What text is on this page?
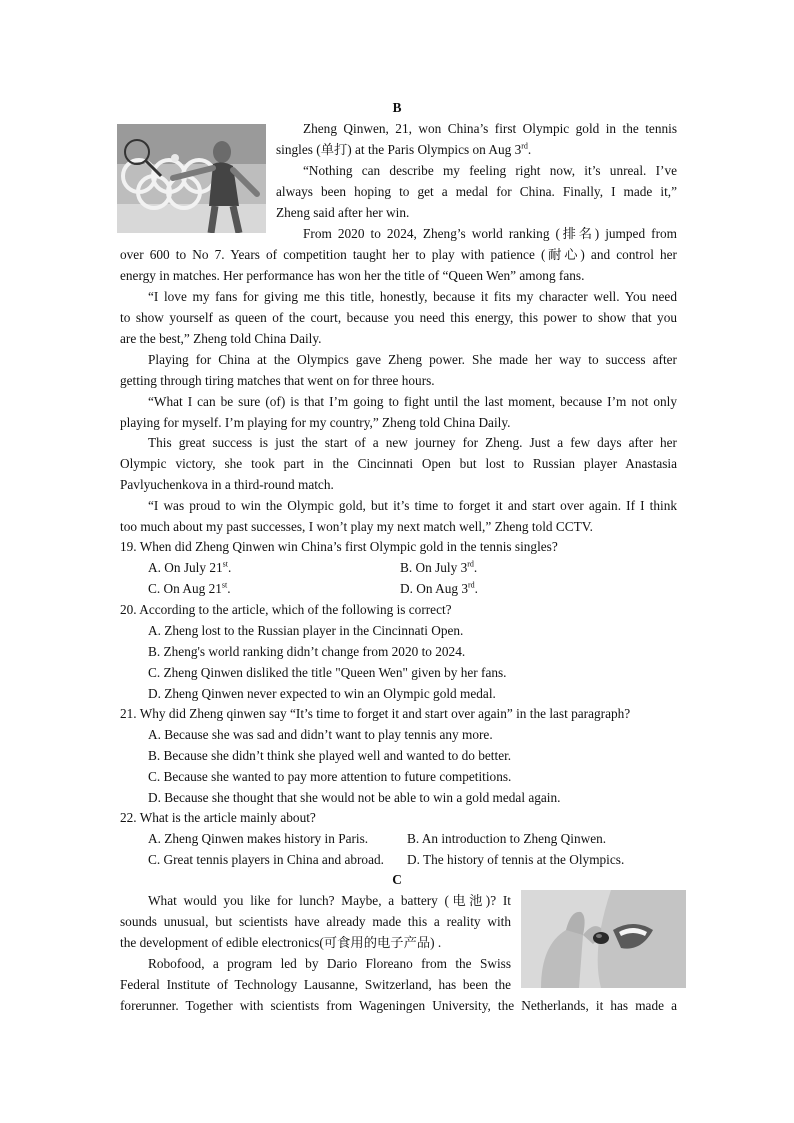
B
Zheng Qinwen, 21, won China’s first Olympic gold in the tennis
singles (单打) at the Paris Olympics on Aug 3rd.
“Nothing can describe my feeling right now, it’s unreal. I’ve
always been hoping to get a medal for China. Finally, I made it,”
Zheng said after her win.
From 2020 to 2024, Zheng’s world ranking (排名) jumped from
over 600 to No 7. Years of competition taught her to play with patience (耐心) and control her
energy in matches. Her performance has won her the title of “Queen Wen” among fans.
“I love my fans for giving me this title, honestly, because it fits my character well. You need
to show yourself as queen of the court, because you need this energy, this power to show that you
are the best,” Zheng told China Daily.
Playing for China at the Olympics gave Zheng power. She made her way to success after
getting through tiring matches that went on for three hours.
“What I can be sure (of) is that I’m going to fight until the last moment, because I’m not only
playing for myself. I’m playing for my country,” Zheng told China Daily.
This great success is just the start of a new journey for Zheng. Just a few days after her
Olympic victory, she took part in the Cincinnati Open but lost to Russian player Anastasia
Pavlyuchenkova in a third-round match.
“I was proud to win the Olympic gold, but it’s time to forget it and start over again. If I think
too much about my past successes, I won’t play my next match well,” Zheng told CCTV.
19. When did Zheng Qinwen win China’s first Olympic gold in the tennis singles?
A. On July 21st.	B. On July 3rd.
C. On Aug 21st.	D. On Aug 3rd.
20. According to the article, which of the following is correct?
A. Zheng lost to the Russian player in the Cincinnati Open.
B. Zheng's world ranking didn’t change from 2020 to 2024.
C. Zheng Qinwen disliked the title "Queen Wen" given by her fans.
D. Zheng Qinwen never expected to win an Olympic gold medal.
21. Why did Zheng qinwen say “It’s time to forget it and start over again” in the last paragraph?
A. Because she was sad and didn’t want to play tennis any more.
B. Because she didn’t think she played well and wanted to do better.
C. Because she wanted to pay more attention to future competitions.
D. Because she thought that she would not be able to win a gold medal again.
22. What is the article mainly about?
A. Zheng Qinwen makes history in Paris.	B. An introduction to Zheng Qinwen.
C. Great tennis players in China and abroad. D. The history of tennis at the Olympics.
C
What would you like for lunch? Maybe, a battery (电池)? It
sounds unusual, but scientists have already made this a reality with
the development of edible electronics(可食用的电子产品) .
Robofood, a program led by Dario Floreano from the Swiss
Federal Institute of Technology Lausanne, Switzerland, has been the
forerunner. Together with scientists from Wageningen University, the Netherlands, it has made a
